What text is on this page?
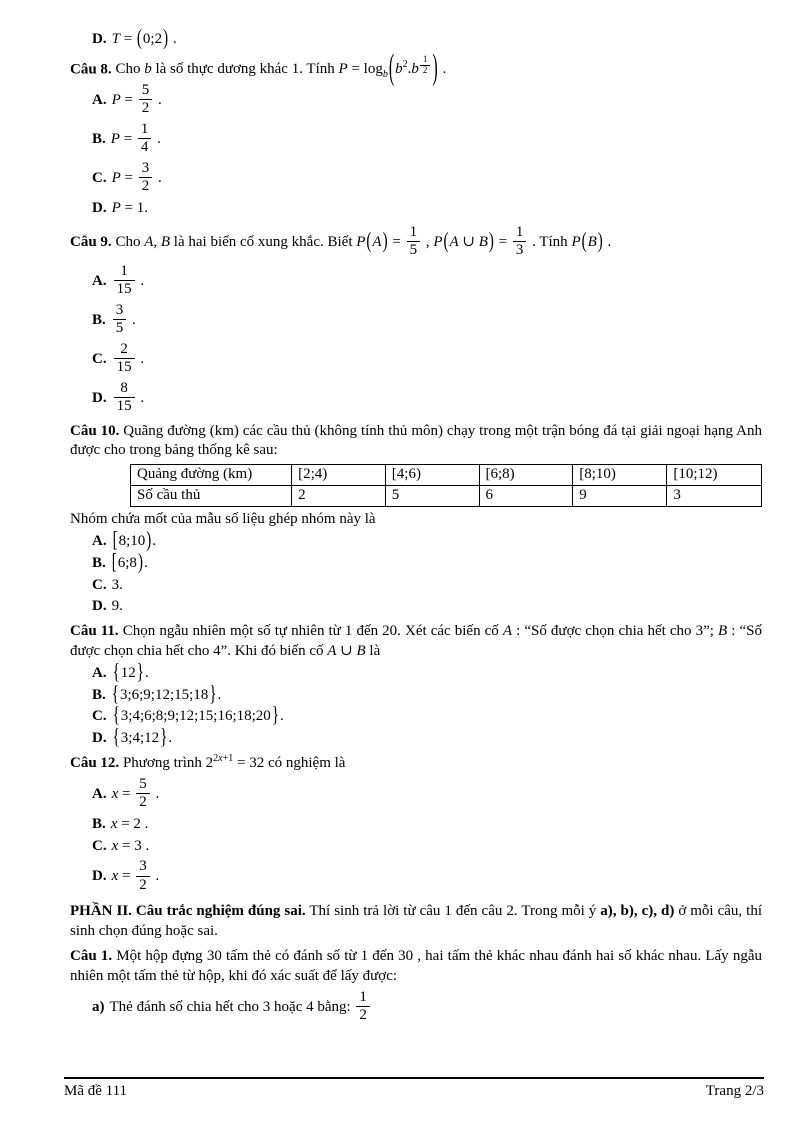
D. T = (0;2) .
Câu 8. Cho b là số thực dương khác 1. Tính $P = \log_b(b^2.b$ $^{\frac{1}{2}}$ ) .
A. $P = \frac{5}{2}$ .
B. $P = \frac{1}{4}$ .
C. $P = \frac{3}{2}$ .
D. P = 1.
Câu 9. Cho A, B là hai biến cố xung khắc. Biết $P(A) = \frac{1}{5}$ , P(A ∪ $B) = \frac{1}{3}$ . Tính P(B) .
A. $\frac{1}{15}$ .
B. $\frac{3}{5}$ .
C. $\frac{2}{15}$ .
D. $\frac{8}{15}$ .
Câu 10. Quãng đường (km) các cầu thủ (không tính thủ môn) chạy trong một trận bóng đá tại giải ngoại hạng Anh được cho trong bảng thống kê sau:
Quảng đường (km)	[2;4)	[4;6)	[6;8)	[8;10)	[10;12)
Số cầu thủ	2	5	6	9	3
Nhóm chứa mốt của mẫu số liệu ghép nhóm này là
A. [8;10).
B. [6;8).
C. 3.
D. 9.
Câu 11. Chọn ngẫu nhiên một số tự nhiên từ 1 đến 20. Xét các biến cố A : “Số được chọn chia hết cho 3”; B : “Số được chọn chia hết cho 4”. Khi đó biến cố A ∪ B là
A. {12}.
B. {3;6;9;12;15;18}.
C. {3;4;6;8;9;12;15;16;18;20}.
D. {3;4;12}.
Câu 12. Phương trình $2^{2x+1} = 32$ có nghiệm là
A. $x = \frac{5}{2}$ .
B. x = 2 .
C. x = 3 .
D. $x = \frac{3}{2}$ .
PHẦN II. Câu trắc nghiệm đúng sai. Thí sinh trả lời từ câu 1 đến câu 2. Trong mỗi ý a), b), c), d) ở mỗi câu, thí sinh chọn đúng hoặc sai.
Câu 1. Một hộp đựng 30 tấm thẻ có đánh số từ 1 đến 30 , hai tấm thẻ khác nhau đánh hai số khác nhau. Lấy ngẫu nhiên một tấm thẻ từ hộp, khi đó xác suất để lấy được:
a) Thẻ đánh số chia hết cho 3 hoặc 4 bằng: $\frac{1}{2}$
Mã đề 111	Trang 2/3
